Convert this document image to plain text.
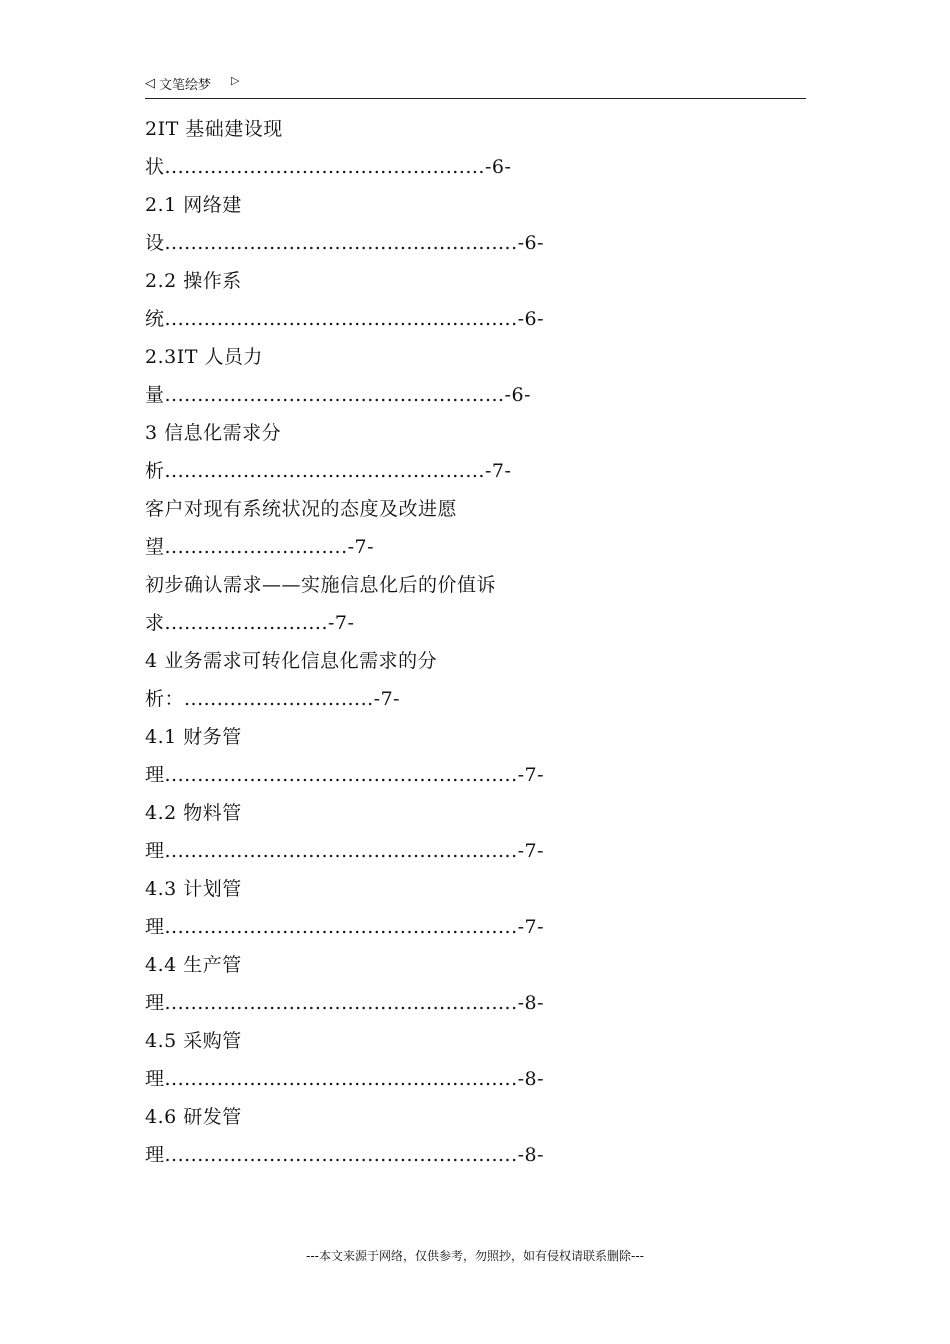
◁ 文笔绘梦 ▷
2IT 基础建设现
状.................................................-6-
2.1 网络建
设......................................................-6-
2.2 操作系
统......................................................-6-
2.3IT 人员力
量....................................................-6-
3 信息化需求分
析.................................................-7-
客户对现有系统状况的态度及改进愿
望............................-7-
初步确认需求——实施信息化后的价值诉
求.........................-7-
4 业务需求可转化信息化需求的分
析：.............................-7-
4.1 财务管
理......................................................-7-
4.2 物料管
理......................................................-7-
4.3 计划管
理......................................................-7-
4.4 生产管
理......................................................-8-
4.5 采购管
理......................................................-8-
4.6 研发管
理......................................................-8-
---本文来源于网络，仅供参考，勿照抄，如有侵权请联系删除---
